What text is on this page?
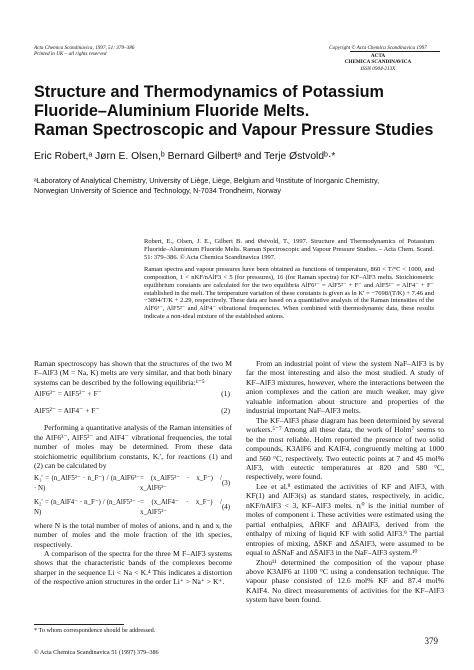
Acta Chemica Scandinavica, 1997, 51: 379–386
Printed in UK – all rights reserved
Copyright © Acta Chemica Scandinavica 1997
ACTA
CHEMICA SCANDINAVICA
ISSN 0904-213X
Structure and Thermodynamics of Potassium
Fluoride–Aluminium Fluoride Melts.
Raman Spectroscopic and Vapour Pressure Studies
Eric Robert,ᵃ Jørn E. Olsen,ᵇ Bernard Gilbertᵃ and Terje Østvoldᵇ·*
ᵃLaboratory of Analytical Chemistry, University of Liège, Liège, Belgium and ᵇInstitute of Inorganic Chemistry,
Norwegian University of Science and Technology, N-7034 Trondheim, Norway

Robert, E., Olsen, J. E., Gilbert B. and Østvold, T., 1997. Structure and Thermodynamics of Potassium Fluoride–Aluminium Fluoride Melts. Raman Spectroscopic and Vapour Pressure Studies. – Acta Chem. Scand. 51: 379–386. © Acta Chemica Scandinavica 1997.

Raman spectra and vapour pressures have been obtained as functions of temperature, 860 < T/°C < 1000, and composition, 1 < nKF/nAlF3 < 5 (for pressures), 16 (for Raman spectra) for KF–AlF3 melts. Stoichiometric equilibrium constants are calculated for the two equilibria AlF6³⁻ = AlF5²⁻ + F⁻ and AlF5²⁻ = AlF4⁻ + F⁻ established in the melt. The temperature variation of these constants is given as ln K′ = −7698/(T/K) + 7.46 and −3894/T/K + 2.29, respectively. These data are based on a quantitative analysis of the Raman intensities of the AlF6³⁻, AlF5²⁻ and AlF4⁻ vibrational frequencies. When combined with thermodynamic data, these results indicate a non-ideal mixture of the established anions.

Raman spectroscopy has shown that the structures of the two M F–AlF3 (M = Na, K) melts are very similar, and that both binary systems can be described by the following equilibria:¹⁻⁵

AlF6³⁻ = AlF5²⁻ + F⁻	(1)
AlF5²⁻ = AlF4⁻ + F⁻	(2)

Performing a quantitative analysis of the Raman intensities of the AlF6³⁻, AlF5²⁻ and AlF4⁻ vibrational frequencies, the total number of moles may be determined. From these data stoichiometric equilibrium constants, Kᵢ′, for reactions (1) and (2) can be calculated by

K₁′ = (n_AlF5²⁻ · n_F⁻) / (n_AlF6³⁻ · N)
= (x_AlF5²⁻ · x_F⁻) / x_AlF6³⁻
(3)
K₂′ = (n_AlF4⁻ · n_F⁻) / (n_AlF5²⁻ · N)
= (x_AlF4⁻ · x_F⁻) / x_AlF5²⁻
(4)

where N is the total number of moles of anions, and nᵢ and xᵢ the number of moles and the mole fraction of the ith species, respectively.

A comparison of the spectra for the three M F–AlF3 systems shows that the characteristic bands of the complexes become sharper in the sequence Li < Na < K.⁴ This indicates a distortion of the respective anion structures in the order Li⁺ > Na⁺ > K⁺.

* To whom correspondence should be addressed.
© Acta Chemica Scandinavica 51 (1997) 379–386

From an industrial point of view the system NaF–AlF3 is by far the most interesting and also the most studied. A study of KF–AlF3 mixtures, however, where the interactions between the anion complexes and the cation are much weaker, may give valuable information about structure and properties of the industrial important NaF–AlF3 melts.

The KF–AlF3 phase diagram has been determined by several workers.⁵⁻⁷ Among all these data, the work of Holm⁷ seems to be the most reliable. Holm reported the presence of two solid compounds, K3AlF6 and KAlF4, congruently melting at 1000 and 560 °C, respectively. Two eutectic points at 7 and 45 mol% AlF3, with eutectic temperatures at 820 and 580 °C, respectively, were found.

Lee et al.⁸ estimated the activities of KF and AlF3, with KF(1) and AlF3(s) as standard states, respectively, in acidic, nKF/nAlF3 < 3, KF–AlF3 melts. nᵢ⁰ is the initial number of moles of component i. These activities were estimated using the partial enthalpies, ΔH̄KF and ΔH̄AlF3, derived from the enthalpy of mixing of liquid KF with solid AlF3.⁹ The partial entropies of mixing, ΔS̄KF and ΔS̄AlF3, were assumed to be equal to ΔS̄NaF and ΔS̄AlF3 in the NaF–AlF3 system.¹⁰

Zhou¹¹ determined the composition of the vapour phase above K3AlF6 at 1100 °C using a condensation technique. The vapour phase consisted of 12.6 mol% KF and 87.4 mol% KAlF4. No direct measurements of activities for the KF–AlF3 system have been found.

379
